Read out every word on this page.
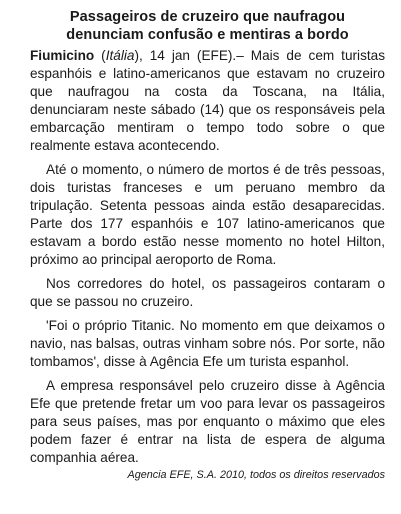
Passageiros de cruzeiro que naufragou
denunciam confusão e mentiras a bordo

Fiumicino (Itália), 14 jan (EFE).– Mais de cem turistas espanhóis e latino-americanos que estavam no cruzeiro que naufragou na costa da Toscana, na Itália, denunciaram neste sábado (14) que os responsáveis pela embarcação mentiram o tempo todo sobre o que realmente estava acontecendo.

Até o momento, o número de mortos é de três pessoas, dois turistas franceses e um peruano membro da tripulação. Setenta pessoas ainda estão desaparecidas. Parte dos 177 espanhóis e 107 latino-americanos que estavam a bordo estão nesse momento no hotel Hilton, próximo ao principal aeroporto de Roma.

Nos corredores do hotel, os passageiros contaram o que se passou no cruzeiro.

'Foi o próprio Titanic. No momento em que deixamos o navio, nas balsas, outras vinham sobre nós. Por sorte, não tombamos', disse à Agência Efe um turista espanhol.

A empresa responsável pelo cruzeiro disse à Agência Efe que pretende fretar um voo para levar os passageiros para seus países, mas por enquanto o máximo que eles podem fazer é entrar na lista de espera de alguma companhia aérea.

Agencia EFE, S.A. 2010, todos os direitos reservados
